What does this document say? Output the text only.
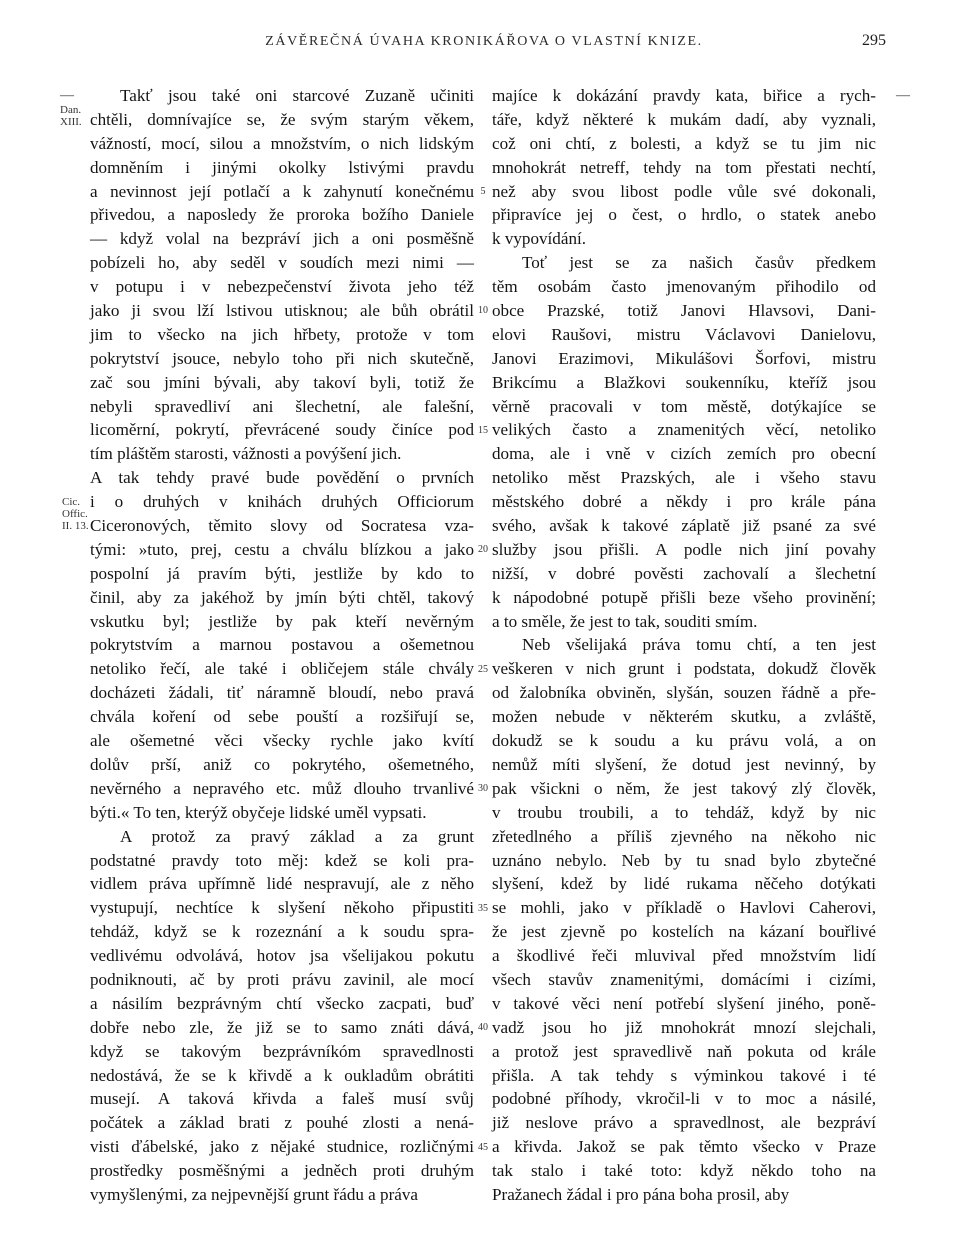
ZÁVĚREČNÁ ÚVAHA KRONIKÁŘOVA O VLASTNÍ KNIZE.	295
—	—
Dan.
XIII.
Cic.
Offic.
II. 13.
5
10
15
20
25
30
35
40
45
Takť jsou také oni starcové Zuzaně učiniti
chtěli, domnívajíce se, že svým starým věkem,
vážností, mocí, silou a množstvím, o nich lidským
domněním i jinými okolky lstivými pravdu
a nevinnost její potlačí a k zahynutí konečnému
přivedou, a naposledy že proroka božího Daniele
— když volal na bezpráví jich a oni posměšně
pobízeli ho, aby seděl v soudích mezi nimi —
v potupu i v nebezpečenství života jeho též
jako ji svou lží lstivou utisknou; ale bůh obrátil
jim to všecko na jich hřbety, protože v tom
pokrytství jsouce, nebylo toho při nich skutečně,
zač sou jmíni bývali, aby takoví byli, totiž že
nebyli spravedliví ani šlechetní, ale falešní,
licoměrní, pokrytí, převrácené soudy činíce pod
tím pláštěm starosti, vážnosti a povýšení jich.
A tak tehdy pravé bude povědění o prvních
i o druhých v knihách druhých Officiorum
Ciceronových, těmito slovy od Socratesa vza-
tými: »tuto, prej, cestu a chválu blízkou a jako
pospolní já pravím býti, jestliže by kdo to
činil, aby za jakéhož by jmín býti chtěl, takový
vskutku byl; jestliže by pak kteří nevěrným
pokrytstvím a marnou postavou a ošemetnou
netoliko řečí, ale také i obličejem stále chvály
docházeti žádali, tiť náramně bloudí, nebo pravá
chvála koření od sebe pouští a rozšiřují se,
ale ošemetné věci všecky rychle jako kvítí
dolův prší, aniž co pokrytého, ošemetného,
nevěrného a nepravého etc. můž dlouho trvanlivé
býti.« To ten, kterýž obyčeje lidské uměl vypsati.
A protož za pravý základ a za grunt
podstatné pravdy toto měj: kdež se koli pra-
vidlem práva upřímně lidé nespravují, ale z něho
vystupují, nechtíce k slyšení někoho připustiti
tehdáž, když se k rozeznání a k soudu spra-
vedlivému odvolává, hotov jsa všelijakou pokutu
podniknouti, ač by proti právu zavinil, ale mocí
a násilím bezprávným chtí všecko zacpati, buď
dobře nebo zle, že již se to samo znáti dává,
když se takovým bezprávníkóm spravedlnosti
nedostává, že se k křivdě a k oukladům obrátiti
musejí. A taková křivda a faleš musí svůj
počátek a základ brati z pouhé zlosti a nená-
visti ďábelské, jako z nějaké studnice, rozličnými
prostředky posměšnými a jedněch proti druhým
vymyšlenými, za nejpevnější grunt řádu a práva
majíce k dokázání pravdy kata, biřice a rych-
táře, když některé k mukám dadí, aby vyznali,
což oni chtí, z bolesti, a když se tu jim nic
mnohokrát netreff, tehdy na tom přestati nechtí,
než aby svou libost podle vůle své dokonali,
připravíce jej o čest, o hrdlo, o statek anebo
k vypovídání.
Toť jest se za našich časův předkem
těm osobám často jmenovaným přihodilo od
obce Prazské, totiž Janovi Hlavsovi, Dani-
elovi Raušovi, mistru Václavovi Danielovu,
Janovi Erazimovi, Mikulášovi Šorfovi, mistru
Brikcímu a Blažkovi soukenníku, kteříž jsou
věrně pracovali v tom městě, dotýkajíce se
velikých často a znamenitých věcí, netoliko
doma, ale i vně v cizích zemích pro obecní
netoliko měst Prazských, ale i všeho stavu
městského dobré a někdy i pro krále pána
svého, avšak k takové záplatě již psané za své
služby jsou přišli. A podle nich jiní povahy
nižší, v dobré pověsti zachovalí a šlechetní
k nápodobné potupě přišli beze všeho provinění;
a to směle, že jest to tak, souditi smím.
Neb všelijaká práva tomu chtí, a ten jest
veškeren v nich grunt i podstata, dokudž člověk
od žalobníka obviněn, slyšán, souzen řádně a pře-
možen nebude v některém skutku, a zvláště,
dokudž se k soudu a ku právu volá, a on
nemůž míti slyšení, že dotud jest nevinný, by
pak všickni o něm, že jest takový zlý člověk,
v troubu troubili, a to tehdáž, když by nic
zřetedlného a příliš zjevného na někoho nic
uznáno nebylo. Neb by tu snad bylo zbytečné
slyšení, kdež by lidé rukama něčeho dotýkati
se mohli, jako v příkladě o Havlovi Caherovi,
že jest zjevně po kostelích na kázaní bouřlivé
a škodlivé řeči mluvival před množstvím lidí
všech stavův znamenitými, domácími i cizími,
v takové věci není potřebí slyšení jiného, poně-
vadž jsou ho již mnohokrát mnozí slejchali,
a protož jest spravedlivě naň pokuta od krále
přišla. A tak tehdy s výminkou takové i té
podobné příhody, vkročil-li v to moc a násilé,
již neslove právo a spravedlnost, ale bezpráví
a křivda. Jakož se pak těmto všecko v Praze
tak stalo i také toto: když někdo toho na
Pražanech žádal i pro pána boha prosil, aby
